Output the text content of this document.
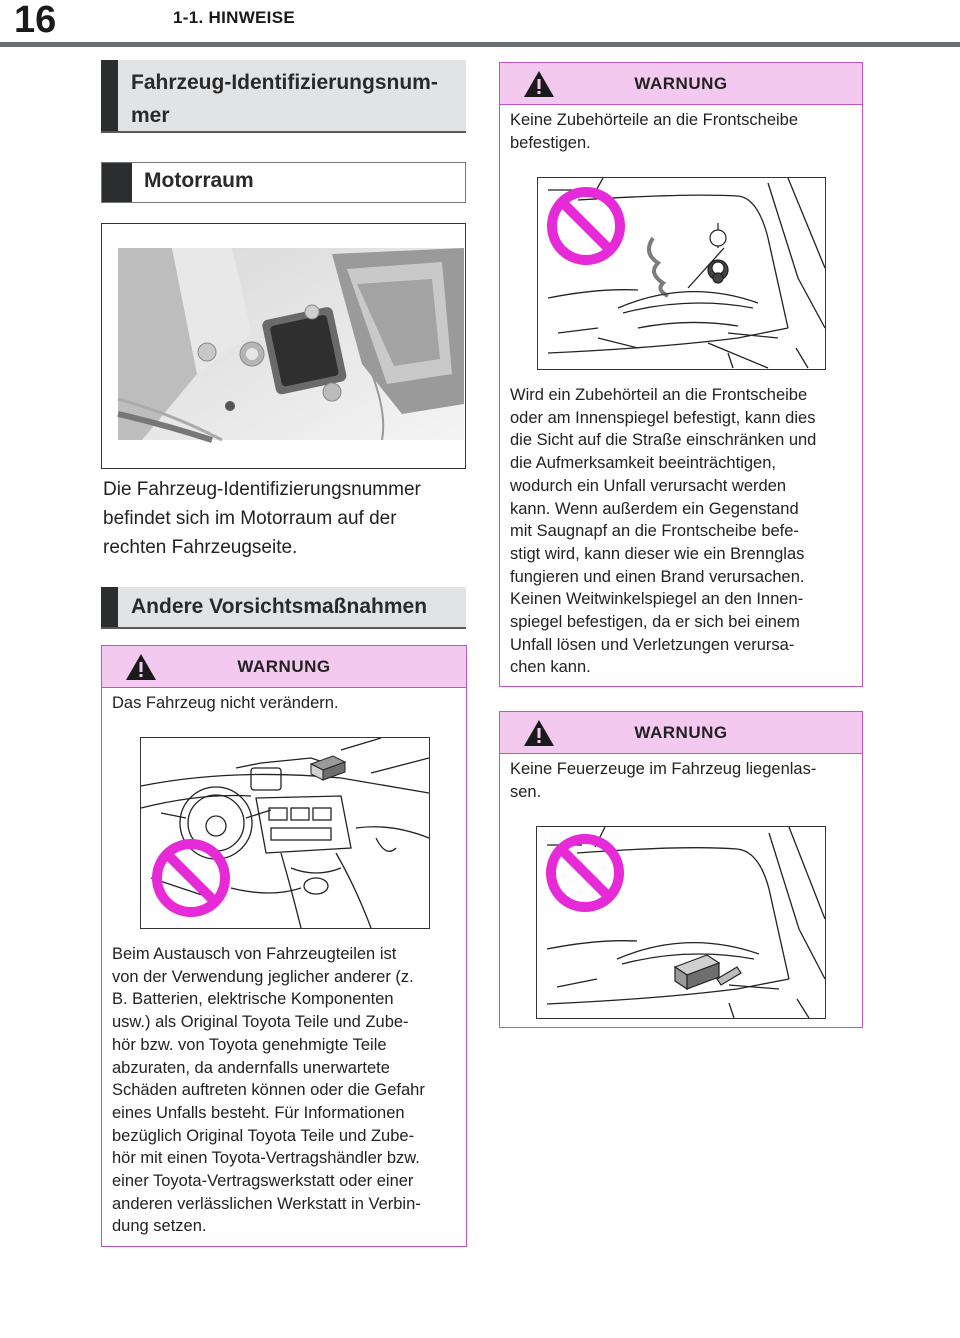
16	1-1. HINWEISE
Fahrzeug-Identifizierungsnum-
mer
Motorraum
Die Fahrzeug-Identifizierungsnummer
befindet sich im Motorraum auf der
rechten Fahrzeugseite.
Andere Vorsichtsmaßnahmen
WARNUNG
Das Fahrzeug nicht verändern.
Beim Austausch von Fahrzeugteilen ist
von der Verwendung jeglicher anderer (z.
B. Batterien, elektrische Komponenten
usw.) als Original Toyota Teile und Zube-
hör bzw. von Toyota genehmigte Teile
abzuraten, da andernfalls unerwartete
Schäden auftreten können oder die Gefahr
eines Unfalls besteht. Für Informationen
bezüglich Original Toyota Teile und Zube-
hör mit einen Toyota-Vertragshändler bzw.
einer Toyota-Vertragswerkstatt oder einer
anderen verlässlichen Werkstatt in Verbin-
dung setzen.
WARNUNG
Keine Zubehörteile an die Frontscheibe
befestigen.
Wird ein Zubehörteil an die Frontscheibe
oder am Innenspiegel befestigt, kann dies
die Sicht auf die Straße einschränken und
die Aufmerksamkeit beeinträchtigen,
wodurch ein Unfall verursacht werden
kann. Wenn außerdem ein Gegenstand
mit Saugnapf an die Frontscheibe befe-
stigt wird, kann dieser wie ein Brennglas
fungieren und einen Brand verursachen.
Keinen Weitwinkelspiegel an den Innen-
spiegel befestigen, da er sich bei einem
Unfall lösen und Verletzungen verursa-
chen kann.
WARNUNG
Keine Feuerzeuge im Fahrzeug liegenlas-
sen.
